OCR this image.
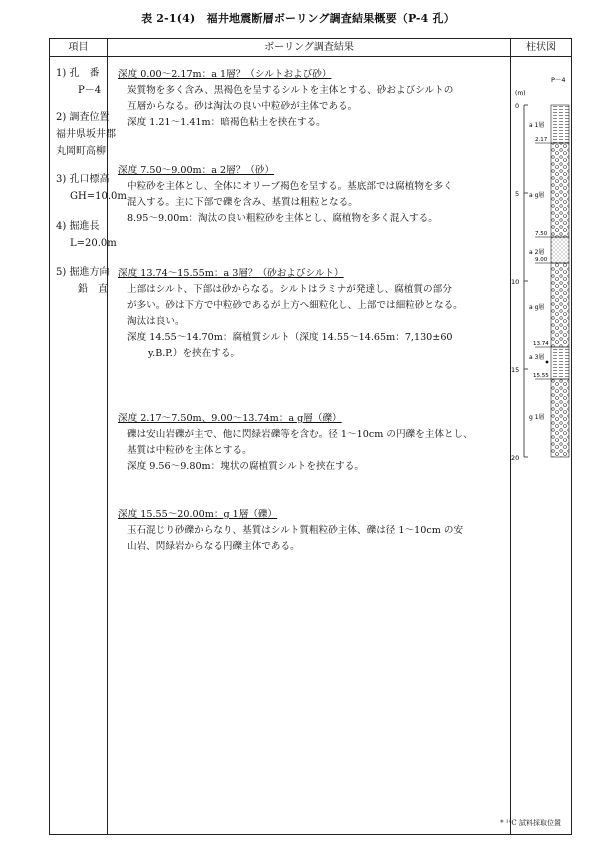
表 2-1(4)　福井地震断層ボーリング調査結果概要（P-4 孔）
項目	ボーリング調査結果	柱状図
1) 孔　番
P－4
2) 調査位置
福井県坂井郡
丸岡町高柳
3) 孔口標高
GH=10.0m
4) 掘進長
L=20.0m
5) 掘進方向
鉛　直
深度 0.00～2.17m：a 1層？（シルトおよび砂）
炭質物を多く含み、黒褐色を呈するシルトを主体とする、砂およびシルトの
互層からなる。砂は淘汰の良い中粒砂が主体である。
深度 1.21～1.41m：暗褐色粘土を挟在する。
深度 7.50～9.00m：a 2層？（砂）
中粒砂を主体とし、全体にオリーブ褐色を呈する。基底部では腐植物を多く
混入する。主に下部で礫を含み、基質は粗粒となる。
8.95～9.00m：淘汰の良い粗粒砂を主体とし、腐植物を多く混入する。
深度 13.74～15.55m：a 3層？（砂およびシルト）
上部はシルト、下部は砂からなる。シルトはラミナが発達し、腐植質の部分
が多い。砂は下方で中粒砂であるが上方へ細粒化し、上部では細粒砂となる。
淘汰は良い。
深度 14.55～14.70m：腐植質シルト（深度 14.55～14.65m：7,130±60
y.B.P.）を挟在する。
深度 2.17～7.50m、9.00～13.74m：a g層（礫）
礫は安山岩礫が主で、他に閃緑岩礫等を含む。径 1～10cm の円礫を主体とし、
基質は中粒砂を主体とする。
深度 9.56～9.80m：塊状の腐植質シルトを挟在する。
深度 15.55～20.00m：g 1層（礫）
玉石混じり砂礫からなり、基質はシルト質粗粒砂主体、礫は径 1～10cm の安
山岩、閃緑岩からなる円礫主体である。
(m)
P－4
0
5
10
15
20
2.17
7.50
9.00
13.74
15.55
a 1層
a g層
a 2層
a g層
a 3層
g 1層
* ¹⁴C 試料採取位置
